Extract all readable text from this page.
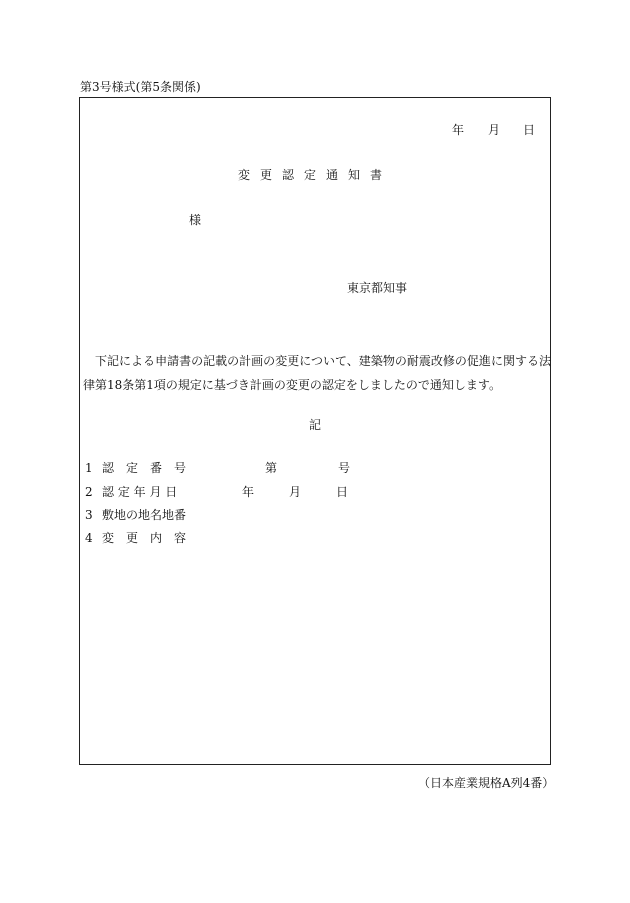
第3号様式(第5条関係)
年 月 日
変更認定通知書
様
東京都知事
下記による申請書の記載の計画の変更について、建築物の耐震改修の促進に関する法律第18条第1項の規定に基づき計画の変更の認定をしましたので通知します。
記
1 認　定　番　号	第	号
2 認 定 年 月 日	年	月	日
3 敷地の地名地番
4 変　更　内　容
（日本産業規格A列4番）
